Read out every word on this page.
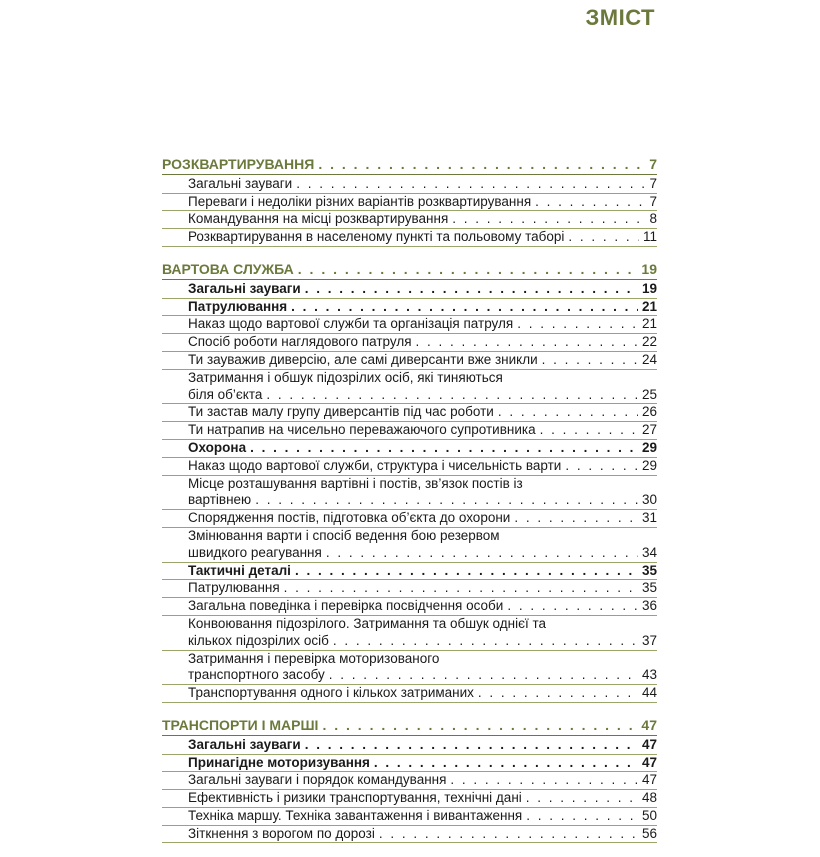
ЗМІСТ
РОЗКВАРТИРУВАННЯ . . .	7
Загальні зауваги . . .	7
Переваги і недоліки різних варіантів розквартирування . . .	7
Командування на місці розквартирування . . .	8
Розквартирування в населеному пункті та польовому таборі . . .	11
ВАРТОВА СЛУЖБА . . .	19
Загальні зауваги . . .	19
Патрулювання . . .	21
Наказ щодо вартової служби та організація патруля . . .	21
Спосіб роботи наглядового патруля . . .	22
Ти зауважив диверсію, але самі диверсанти вже зникли . . .	24
Затримання і обшук підозрілих осіб, які тиняються
біля об’єкта . . .	25
Ти застав малу групу диверсантів під час роботи . . .	26
Ти натрапив на чисельно переважаючого супротивника . . .	27
Охорона . . .	29
Наказ щодо вартової служби, структура і чисельність варти . . .	29
Місце розташування вартівні і постів, зв’язок постів із
вартівнею . . .	30
Спорядження постів, підготовка об’єкта до охорони . . .	31
Змінювання варти і спосіб ведення бою резервом
швидкого реагування . . .	34
Тактичні деталі . . .	35
Патрулювання . . .	35
Загальна поведінка і перевірка посвідчення особи . . .	36
Конвоювання підозрілого. Затримання та обшук однієї та
кількох підозрілих осіб . . .	37
Затримання і перевірка моторизованого
транспортного засобу . . .	43
Транспортування одного і кількох затриманих . . .	44
ТРАНСПОРТИ І МАРШІ . . .	47
Загальні зауваги . . .	47
Принагідне моторизування . . .	47
Загальні зауваги і порядок командування . . .	47
Ефективність і ризики транспортування, технічні дані . . .	48
Техніка маршу. Техніка завантаження і вивантаження . . .	50
Зіткнення з ворогом по дорозі . . .	56
